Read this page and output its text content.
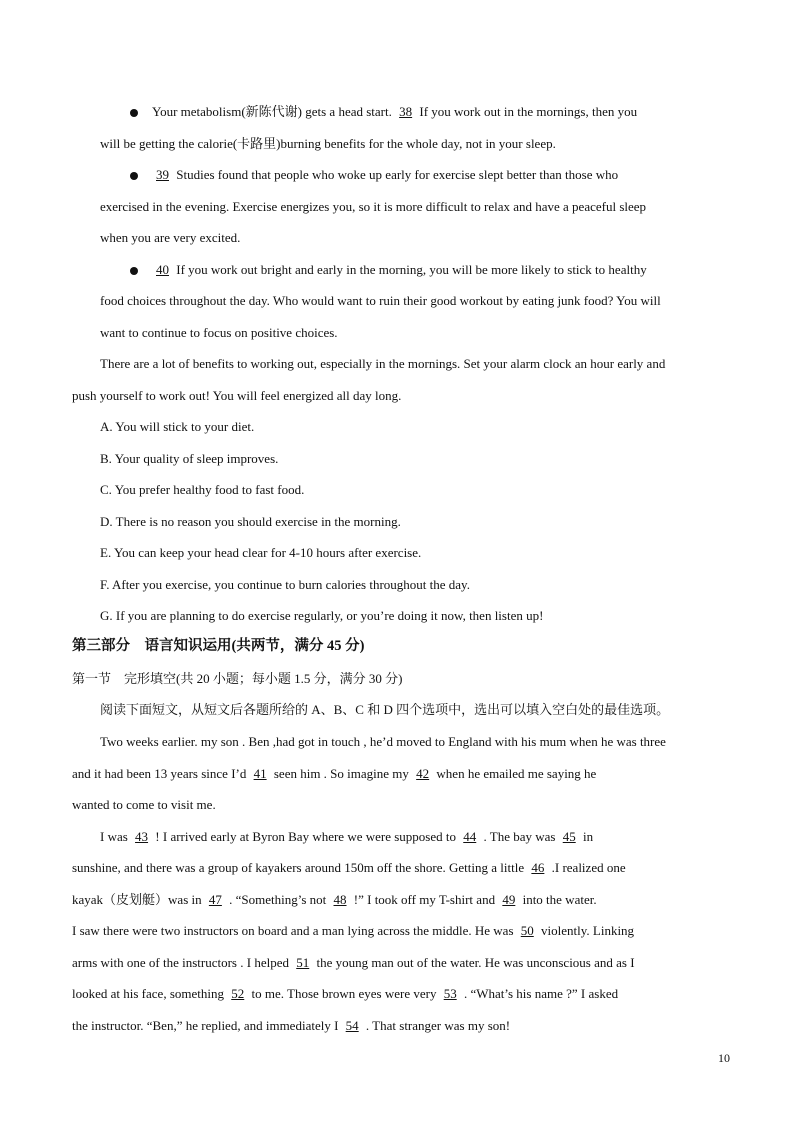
Your metabolism(新陈代谢) gets a head start. 38 If you work out in the mornings, then you
will be getting the calorie(卡路里)burning benefits for the whole day, not in your sleep.
39 Studies found that people who woke up early for exercise slept better than those who
exercised in the evening. Exercise energizes you, so it is more difficult to relax and have a peaceful sleep
when you are very excited.
40 If you work out bright and early in the morning, you will be more likely to stick to healthy
food choices throughout the day. Who would want to ruin their good workout by eating junk food? You will
want to continue to focus on positive choices.
There are a lot of benefits to working out, especially in the mornings. Set your alarm clock an hour early and
push yourself to work out! You will feel energized all day long.
A. You will stick to your diet.
B. Your quality of sleep improves.
C. You prefer healthy food to fast food.
D. There is no reason you should exercise in the morning.
E. You can keep your head clear for 4-10 hours after exercise.
F. After you exercise, you continue to burn calories throughout the day.
G. If you are planning to do exercise regularly, or you’re doing it now, then listen up!
第三部分　语言知识运用(共两节，满分 45 分)
第一节　完形填空(共 20 小题；每小题 1.5 分，满分 30 分)
阅读下面短文，从短文后各题所给的 A、B、C 和 D 四个选项中，选出可以填入空白处的最佳选项。
Two weeks earlier. my son . Ben ,had got in touch , he’d moved to England with his mum when he was three
and it had been 13 years since I’d 41 seen him . So imagine my 42 when he emailed me saying he
wanted to come to visit me.
I was 43 ! I arrived early at Byron Bay where we were supposed to 44 . The bay was 45 in
sunshine, and there was a group of kayakers around 150m off the shore. Getting a little 46 .I realized one
kayak（皮划艇）was in 47 . “Something’s not 48 !” I took off my T-shirt and 49 into the water.
I saw there were two instructors on board and a man lying across the middle. He was 50 violently. Linking
arms with one of the instructors . I helped 51 the young man out of the water. He was unconscious and as I
looked at his face, something 52 to me. Those brown eyes were very 53 . “What’s his name ?” I asked
the instructor. “Ben,” he replied, and immediately I 54 . That stranger was my son!
10
